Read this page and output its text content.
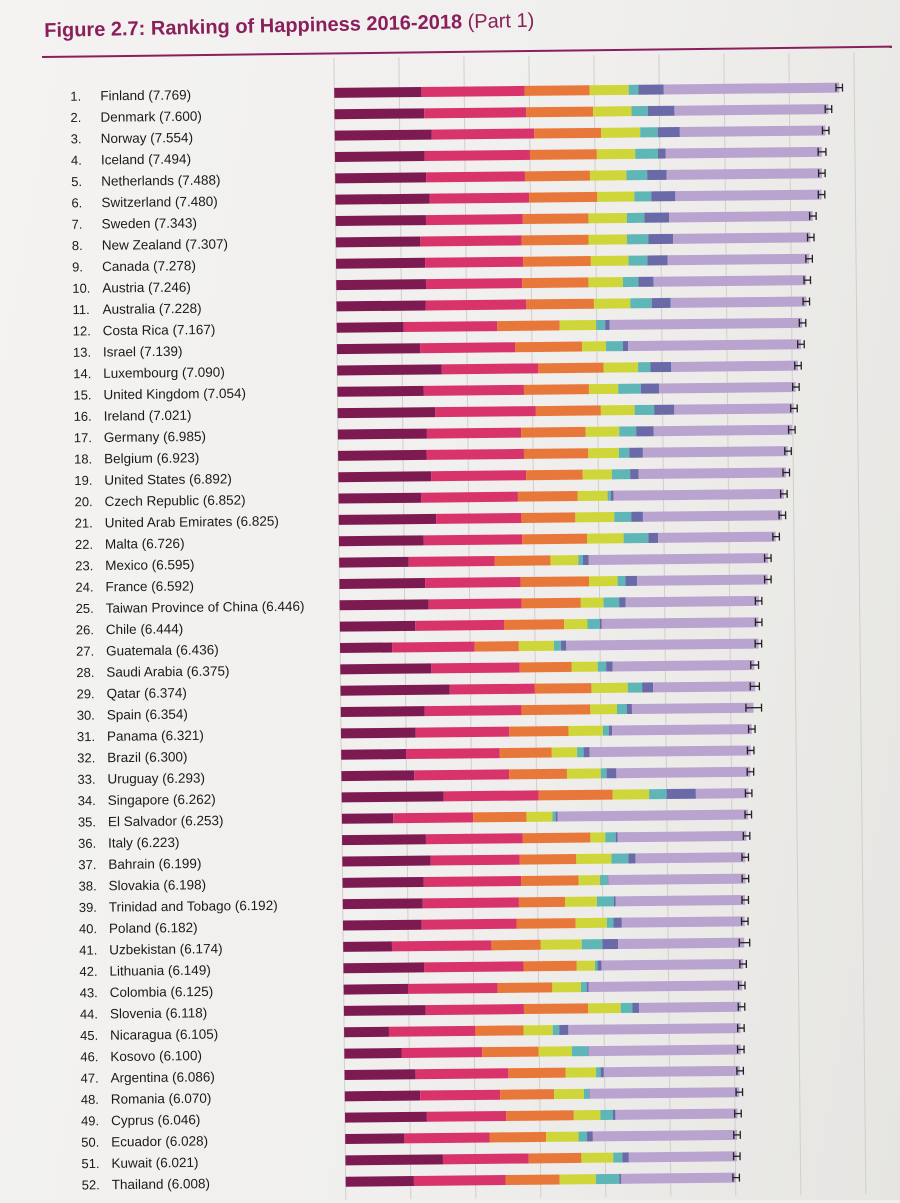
Figure 2.7: Ranking of Happiness 2016-2018 (Part 1)
1. Finland (7.769)
2. Denmark (7.600)
3. Norway (7.554)
4. Iceland (7.494)
5. Netherlands (7.488)
6. Switzerland (7.480)
7. Sweden (7.343)
8. New Zealand (7.307)
9. Canada (7.278)
10. Austria (7.246)
11. Australia (7.228)
12. Costa Rica (7.167)
13. Israel (7.139)
14. Luxembourg (7.090)
15. United Kingdom (7.054)
16. Ireland (7.021)
17. Germany (6.985)
18. Belgium (6.923)
19. United States (6.892)
20. Czech Republic (6.852)
21. United Arab Emirates (6.825)
22. Malta (6.726)
23. Mexico (6.595)
24. France (6.592)
25. Taiwan Province of China (6.446)
26. Chile (6.444)
27. Guatemala (6.436)
28. Saudi Arabia (6.375)
29. Qatar (6.374)
30. Spain (6.354)
31. Panama (6.321)
32. Brazil (6.300)
33. Uruguay (6.293)
34. Singapore (6.262)
35. El Salvador (6.253)
36. Italy (6.223)
37. Bahrain (6.199)
38. Slovakia (6.198)
39. Trinidad and Tobago (6.192)
40. Poland (6.182)
41. Uzbekistan (6.174)
42. Lithuania (6.149)
43. Colombia (6.125)
44. Slovenia (6.118)
45. Nicaragua (6.105)
46. Kosovo (6.100)
47. Argentina (6.086)
48. Romania (6.070)
49. Cyprus (6.046)
50. Ecuador (6.028)
51. Kuwait (6.021)
52. Thailand (6.008)
